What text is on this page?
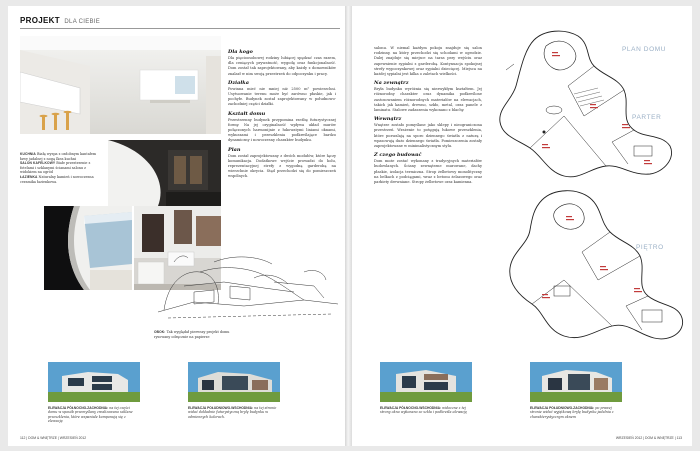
PROJEKT DLA CIEBIE
KUCHNIA Białą wyspa z ozdobnym kantałem ławy jadalnej z nogą Ikea kuchni
SALON KAFELKOWY Białe przestrzenie z fotelami i szklanymi ścianami salonu z widokiem na ogród
ŁAZIENKA Naturalny kamień i nowoczesna ceramika łazienkowa.
OBOK: Tak wyglądał pierwszy projekt domu rysowany odręcznie na papierze
Dla kogo

Dla pięcioosobowej rodziny lubiącej spędzać czas razem, dla ceniących prywatność, wygodę oraz funkcjonalność. Dom został tak zaprojektowany, aby każdy z domowników znalazł w nim swoją przestrzeń do odpoczynku i pracy.

Działka

Powinna mieć nie mniej niż 2500 m² powierzchni. Usytuowanie terenu może być zarówno płaskie, jak i pochyłe. Budynek został zaprojektowany w połudnowo-zachodniej części działki.

Kształt domu

Przestrzenny budynek przypomina rzeźbę futurystycznej formy. Na jej oryginalność wpływa układ murów połączonych harmonijnie z łukowatymi liniami oknami, wykuszami i przeszklenia podkreślające bardzo dynamiczny i nowoczesny charakter budynku.

Plan

Dom został zaprojektowany z dwóch modułów, które łączy komunikacja. Dodatkowe wejście prowadzi do holu, reprezentacyjnej strefy z wygodną garderobą na wierzchnie okrycia. Stąd przechodzi się do pomieszczeń wspólnych.

ELEWACJA PÓŁNOCNO-ZACHODNIA: na tej części domu w sposób przemyślany zrealizowano szklane przeszklenia, które wspaniale komponują się z elewacją
ELEWACJA POŁUDNIOWO-WSCHODNIA: na tej stronie widać dokładnie futurystyczną bryłę budynku w odmiennych kolorach.
112 | DOM & WNĘTRZE | WRZESIEŃ 2012

salonu. W niemal każdym pokoju znajduje się salon rodzinny, na który przechodzi się schodami w ogrodzie. Dalej znajduje się miejsce na taras przy wejściu oraz zapewnienie sypialni z garderobą. Kontynuacja spokojnej strefy wypoczynkowej oraz sypialni dziecięcej. Miejsca na każdej sypialni jest kilka o zaletach wielkości.

Na zewnątrz

Bryła budynku wyróżnia się niezwykłym kształtem. Jej różnorodny charakter oraz dynamika podkreślone zastosowaniem różnorodnych materiałów na elewacjach, takich jak kamień, drewno, szkło, metal, oraz panele z laminatu. Stalowe zadaszenia wykonano z blachy.

Wewnątrz

Wnętrze zostało pomyślane jako sklepy i nieograniczona przestrzeń. Wrażenie to potęgują łukowe przeszklenia, które pozwalają na sporo dziennego światła z naturą i wpasowują dużo dziennego światła. Pomieszczenia zostały zaprojektowane w minimalistycznym stylu.

Z czego budować

Dom może zostać wykonany z tradycyjnych materiałów budowlanych. Ściany zewnętrzne murowane, dachy płaskie, izolacja termiczna. Strop żelbetowy monolityczny na belkach z podciągami, wraz z betonu żelazowego oraz parkiety drewniane. Stropy żelbetowe oraz kamienna.

PLAN DOMU
PARTER
PIĘTRO
ELEWACJA PÓŁNOCNO-WSCHODNIA: widoczne z tej strony okno wykonano ze szkła i podkreśla elewację
ELEWACJA POŁUDNIOWO-ZACHODNIA: po prawej stronie widać wyjątkową bryłę budynku jadalnia z charakterystycznym oknem
WRZESIEŃ 2012 | DOM & WNĘTRZE | 113
